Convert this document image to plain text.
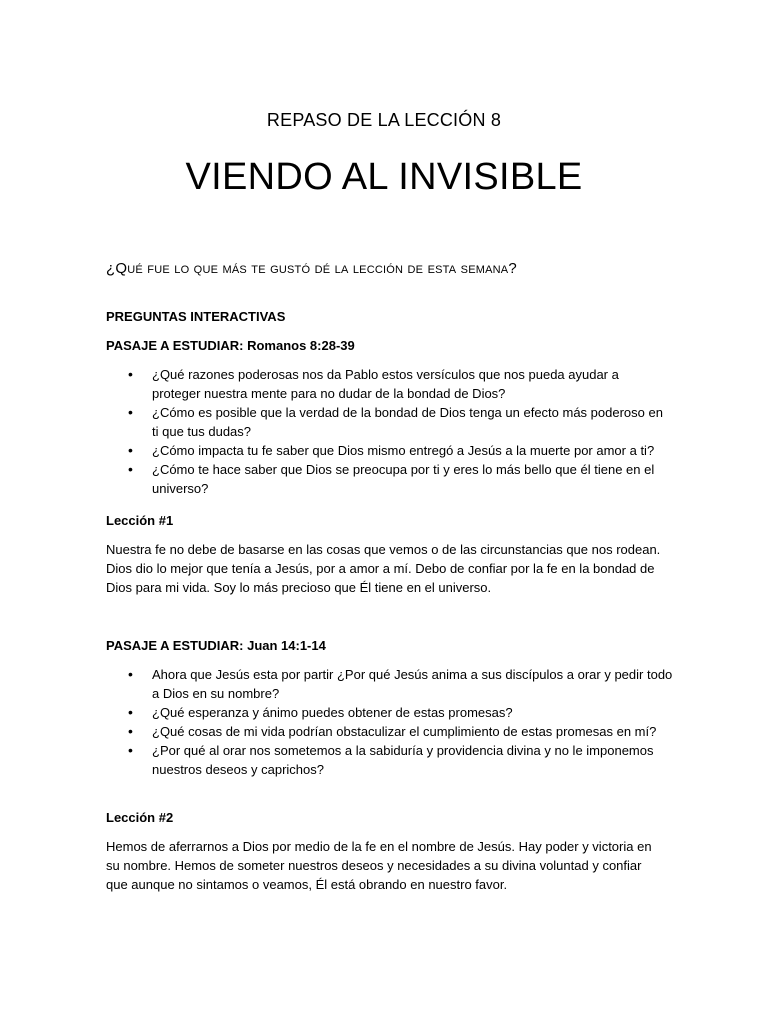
REPASO DE LA LECCIÓN 8
VIENDO AL INVISIBLE
¿Qué fue lo que más te gustó dé la lección de esta semana?
PREGUNTAS INTERACTIVAS
PASAJE A ESTUDIAR: Romanos 8:28-39
• ¿Qué razones poderosas nos da Pablo estos versículos que nos pueda ayudar a proteger nuestra mente para no dudar de la bondad de Dios?
• ¿Cómo es posible que la verdad de la bondad de Dios tenga un efecto más poderoso en ti que tus dudas?
• ¿Cómo impacta tu fe saber que Dios mismo entregó a Jesús a la muerte por amor a ti?
• ¿Cómo te hace saber que Dios se preocupa por ti y eres lo más bello que él tiene en el universo?
Lección #1
Nuestra fe no debe de basarse en las cosas que vemos o de las circunstancias que nos rodean. Dios dio lo mejor que tenía a Jesús, por a amor a mí. Debo de confiar por la fe en la bondad de Dios para mi vida. Soy lo más precioso que Él tiene en el universo.
PASAJE A ESTUDIAR: Juan 14:1-14
• Ahora que Jesús esta por partir ¿Por qué Jesús anima a sus discípulos a orar y pedir todo a Dios en su nombre?
• ¿Qué esperanza y ánimo puedes obtener de estas promesas?
• ¿Qué cosas de mi vida podrían obstaculizar el cumplimiento de estas promesas en mí?
• ¿Por qué al orar nos sometemos a la sabiduría y providencia divina y no le imponemos nuestros deseos y caprichos?
Lección #2
Hemos de aferrarnos a Dios por medio de la fe en el nombre de Jesús. Hay poder y victoria en su nombre. Hemos de someter nuestros deseos y necesidades a su divina voluntad y confiar que aunque no sintamos o veamos, Él está obrando en nuestro favor.
